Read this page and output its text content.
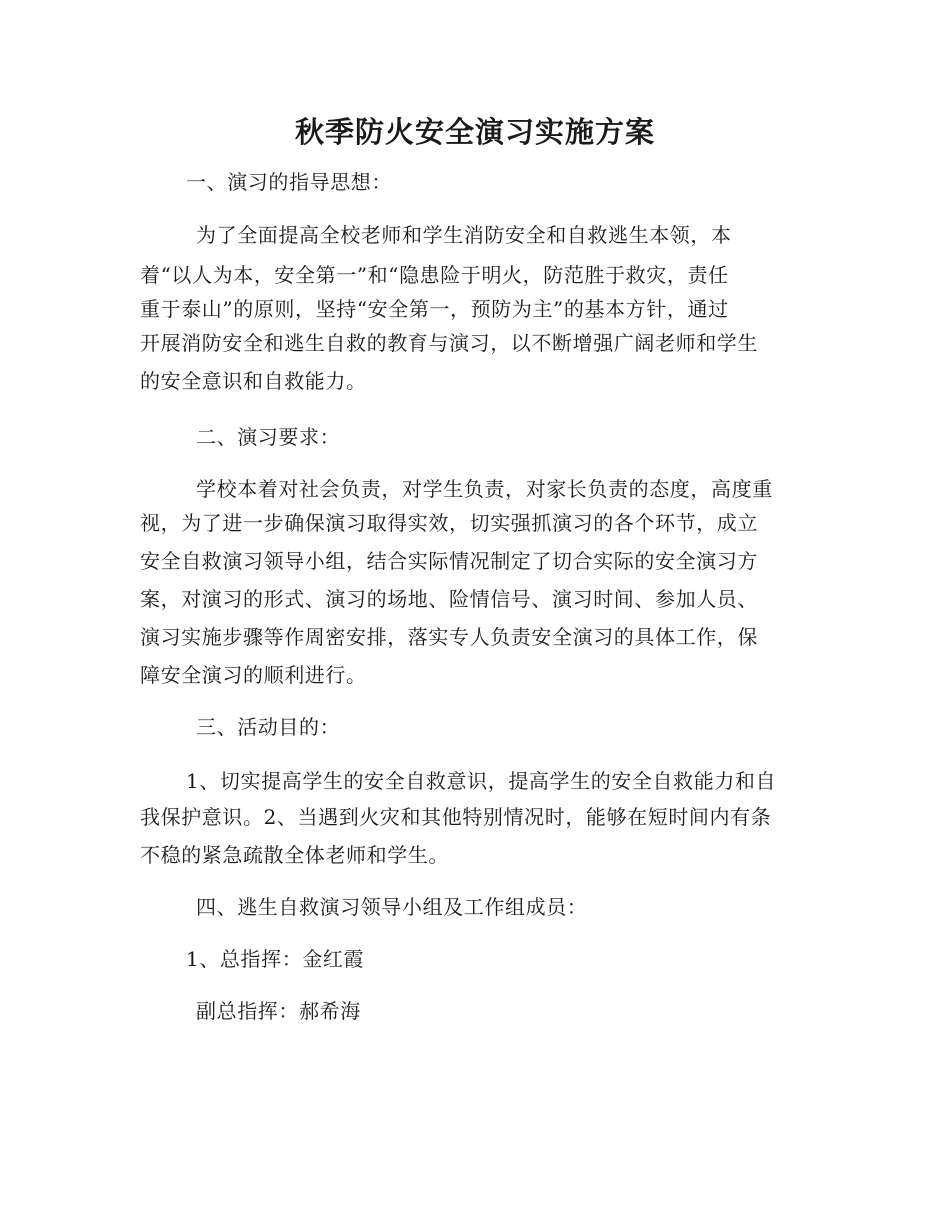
秋季防火安全演习实施方案
一、演习的指导思想：
为了全面提高全校老师和学生消防安全和自救逃生本领，本
着“以人为本，安全第一”和“隐患险于明火，防范胜于救灾，责任
重于泰山”的原则，坚持“安全第一，预防为主”的基本方针，通过
开展消防安全和逃生自救的教育与演习，以不断增强广阔老师和学生
的安全意识和自救能力。
二、演习要求：
学校本着对社会负责，对学生负责，对家长负责的态度，高度重
视，为了进一步确保演习取得实效，切实强抓演习的各个环节，成立
安全自救演习领导小组，结合实际情况制定了切合实际的安全演习方
案，对演习的形式、演习的场地、险情信号、演习时间、参加人员、
演习实施步骤等作周密安排，落实专人负责安全演习的具体工作，保
障安全演习的顺利进行。
三、活动目的：
1、切实提高学生的安全自救意识，提高学生的安全自救能力和自
我保护意识。2、当遇到火灾和其他特别情况时，能够在短时间内有条
不稳的紧急疏散全体老师和学生。
四、逃生自救演习领导小组及工作组成员：
1、总指挥：金红霞
副总指挥：郝希海
